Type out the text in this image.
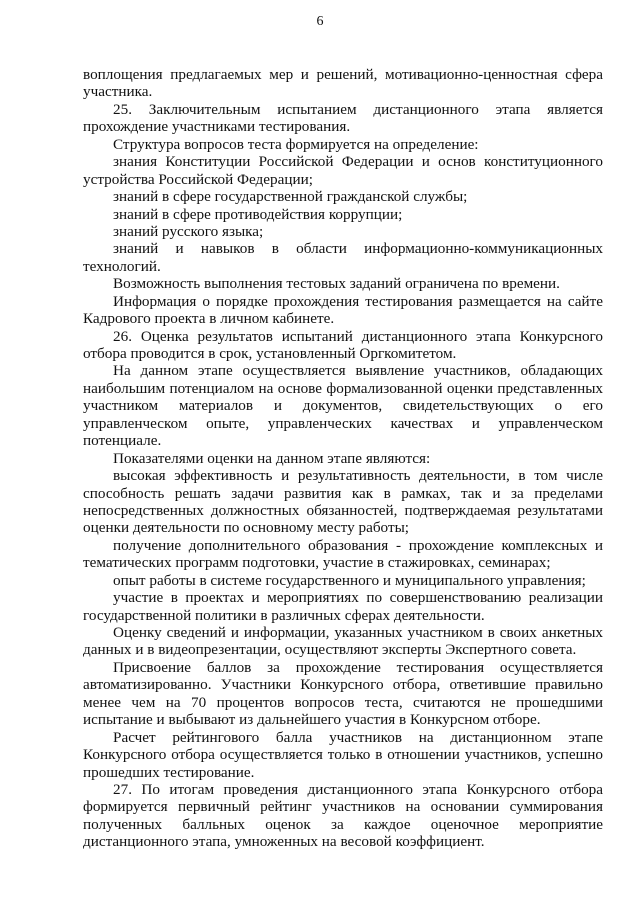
6
воплощения предлагаемых мер и решений, мотивационно-ценностная сфера
участника.
25. Заключительным испытанием дистанционного этапа является
прохождение участниками тестирования.
Структура вопросов теста формируется на определение:
знания Конституции Российской Федерации и основ конституционного
устройства Российской Федерации;
знаний в сфере государственной гражданской службы;
знаний в сфере противодействия коррупции;
знаний русского языка;
знаний и навыков в области информационно-коммуникационных
технологий.
Возможность выполнения тестовых заданий ограничена по времени.
Информация о порядке прохождения тестирования размещается на сайте
Кадрового проекта в личном кабинете.
26. Оценка результатов испытаний дистанционного этапа Конкурсного
отбора проводится в срок, установленный Оргкомитетом.
На данном этапе осуществляется выявление участников, обладающих
наибольшим потенциалом на основе формализованной оценки представленных
участником материалов и документов, свидетельствующих о его
управленческом опыте, управленческих качествах и управленческом
потенциале.
Показателями оценки на данном этапе являются:
высокая эффективность и результативность деятельности, в том числе
способность решать задачи развития как в рамках, так и за пределами
непосредственных должностных обязанностей, подтверждаемая результатами
оценки деятельности по основному месту работы;
получение дополнительного образования - прохождение комплексных и
тематических программ подготовки, участие в стажировках, семинарах;
опыт работы в системе государственного и муниципального управления;
участие в проектах и мероприятиях по совершенствованию реализации
государственной политики в различных сферах деятельности.
Оценку сведений и информации, указанных участником в своих анкетных
данных и в видеопрезентации, осуществляют эксперты Экспертного совета.
Присвоение баллов за прохождение тестирования осуществляется
автоматизированно. Участники Конкурсного отбора, ответившие правильно
менее чем на 70 процентов вопросов теста, считаются не прошедшими
испытание и выбывают из дальнейшего участия в Конкурсном отборе.
Расчет рейтингового балла участников на дистанционном этапе
Конкурсного отбора осуществляется только в отношении участников, успешно
прошедших тестирование.
27. По итогам проведения дистанционного этапа Конкурсного отбора
формируется первичный рейтинг участников на основании суммирования
полученных балльных оценок за каждое оценочное мероприятие
дистанционного этапа, умноженных на весовой коэффициент.
